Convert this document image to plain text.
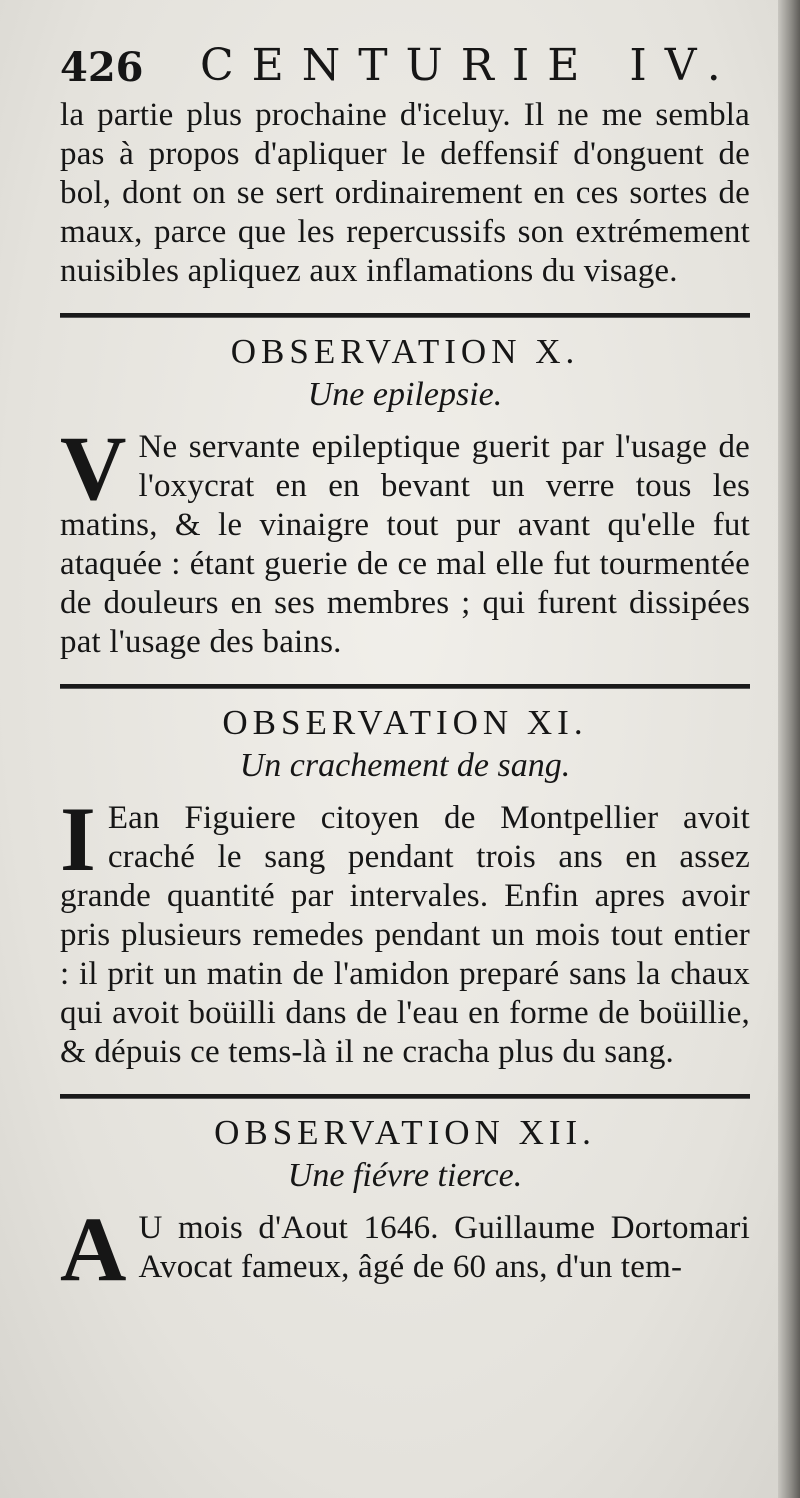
426 CENTURIE IV.

la partie plus prochaine d'iceluy. Il ne me sembla pas à propos d'apliquer le deffensif d'onguent de bol, dont on se sert ordinairement en ces sortes de maux, parce que les repercussifs son extrémement nuisibles apliquez aux inflamations du visage.

OBSERVATION X.
Une epilepsie.
V Ne servante epileptique guerit par l'usage de l'oxycrat en en bevant un verre tous les matins, & le vinaigre tout pur avant qu'elle fut ataquée : étant guerie de ce mal elle fut tourmentée de douleurs en ses membres ; qui furent dissipées pat l'usage des bains.

OBSERVATION XI.
Un crachement de sang.
I Ean Figuiere citoyen de Montpellier avoit craché le sang pendant trois ans en assez grande quantité par intervales. Enfin apres avoir pris plusieurs remedes pendant un mois tout entier : il prit un matin de l'amidon preparé sans la chaux qui avoit boüilli dans de l'eau en forme de boüillie, & dépuis ce tems-là il ne cracha plus du sang.

OBSERVATION XII.
Une fiévre tierce.
A U mois d'Aout 1646. Guillaume Dortomari Avocat fameux, âgé de 60 ans, d'un tem-
